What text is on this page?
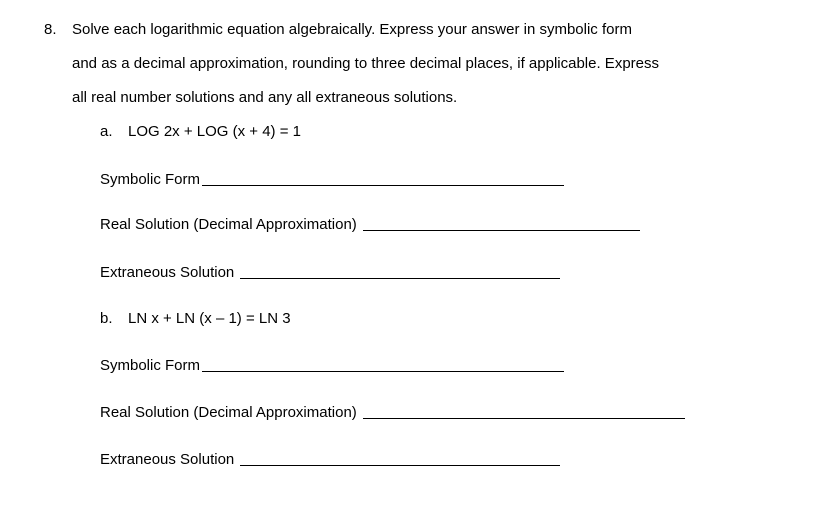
8. Solve each logarithmic equation algebraically. Express your answer in symbolic form
and as a decimal approximation, rounding to three decimal places, if applicable. Express
all real number solutions and any all extraneous solutions.
a. LOG 2x + LOG (x + 4) = 1
Symbolic Form
Real Solution (Decimal Approximation)
Extraneous Solution
b. LN x + LN (x – 1) = LN 3
Symbolic Form
Real Solution (Decimal Approximation)
Extraneous Solution
